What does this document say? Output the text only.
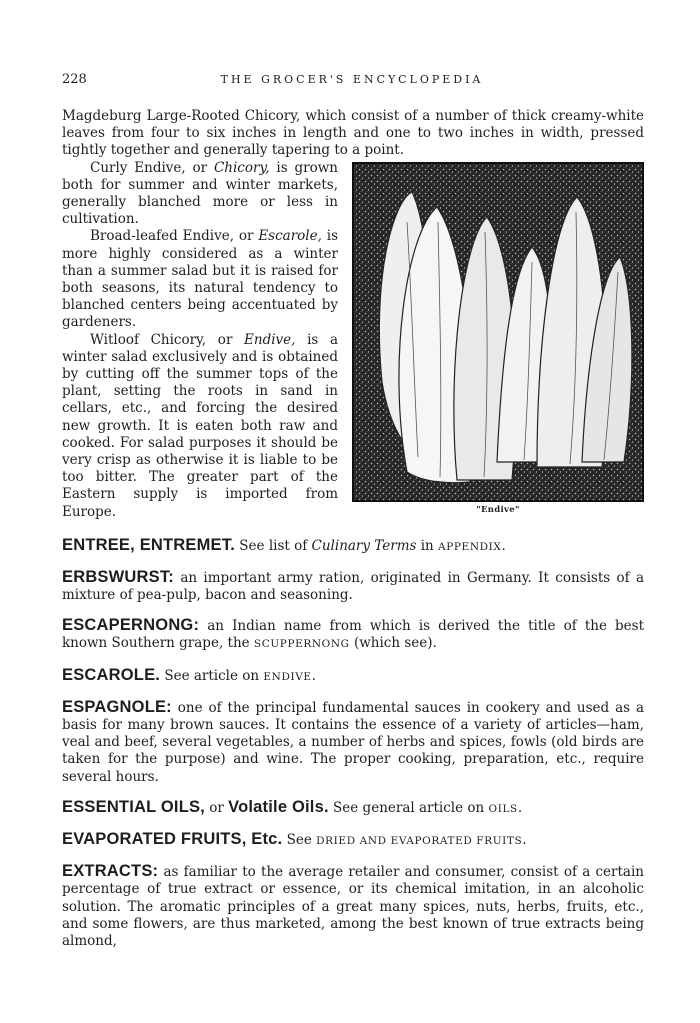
228	THE GROCER'S ENCYCLOPEDIA

Magdeburg Large-Rooted Chicory, which consist of a number of thick creamy-white leaves from four to six inches in length and one to two inches in width, pressed tightly together and generally tapering to a point.

"Endive"

Curly Endive, or Chicory, is grown both for summer and winter markets, generally blanched more or less in cultivation.

Broad-leafed Endive, or Escarole, is more highly considered as a winter than a summer salad but it is raised for both seasons, its natural tendency to blanched centers being accentuated by gardeners.

Witloof Chicory, or Endive, is a winter salad exclusively and is obtained by cutting off the summer tops of the plant, setting the roots in sand in cellars, etc., and forcing the desired new growth. It is eaten both raw and cooked. For salad purposes it should be very crisp as otherwise it is liable to be too bitter. The greater part of the Eastern supply is imported from Europe.

ENTREE, ENTREMET. See list of Culinary Terms in APPENDIX.

ERBSWURST: an important army ration, originated in Germany. It consists of a mixture of pea-pulp, bacon and seasoning.

ESCAPERNONG: an Indian name from which is derived the title of the best known Southern grape, the SCUPPERNONG (which see).

ESCAROLE. See article on ENDIVE.

ESPAGNOLE: one of the principal fundamental sauces in cookery and used as a basis for many brown sauces. It contains the essence of a variety of articles—ham, veal and beef, several vegetables, a number of herbs and spices, fowls (old birds are taken for the purpose) and wine. The proper cooking, preparation, etc., require several hours.

ESSENTIAL OILS, or Volatile Oils. See general article on OILS.

EVAPORATED FRUITS, Etc. See DRIED AND EVAPORATED FRUITS.

EXTRACTS: as familiar to the average retailer and consumer, consist of a certain percentage of true extract or essence, or its chemical imitation, in an alcoholic solution. The aromatic principles of a great many spices, nuts, herbs, fruits, etc., and some flowers, are thus marketed, among the best known of true extracts being almond,
